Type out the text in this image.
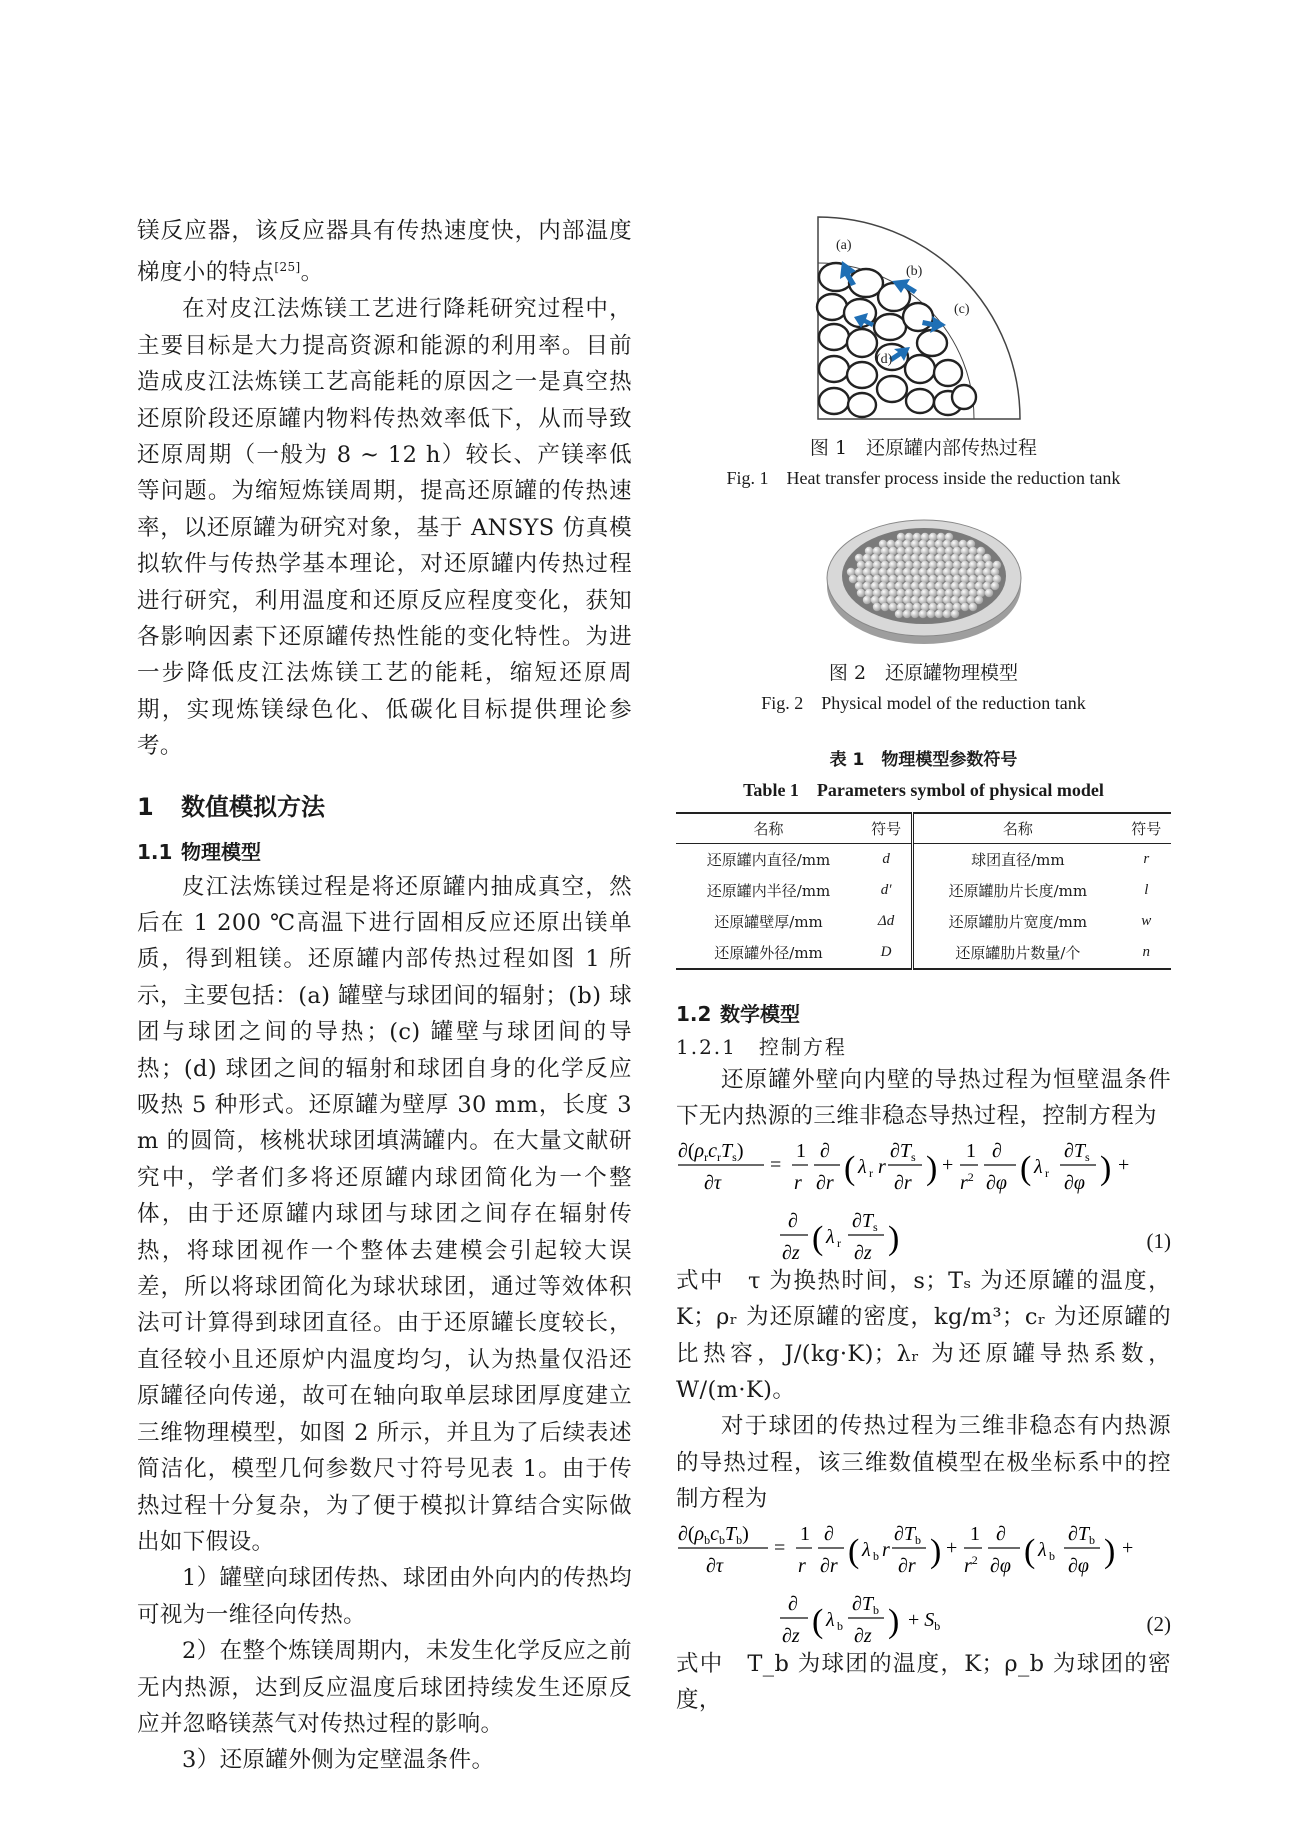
镁反应器，该反应器具有传热速度快，内部温度梯度小的特点[25]。

在对皮江法炼镁工艺进行降耗研究过程中，主要目标是大力提高资源和能源的利用率。目前造成皮江法炼镁工艺高能耗的原因之一是真空热还原阶段还原罐内物料传热效率低下，从而导致还原周期（一般为 8 ~ 12 h）较长、产镁率低等问题。为缩短炼镁周期，提高还原罐的传热速率，以还原罐为研究对象，基于 ANSYS 仿真模拟软件与传热学基本理论，对还原罐内传热过程进行研究，利用温度和还原反应程度变化，获知各影响因素下还原罐传热性能的变化特性。为进一步降低皮江法炼镁工艺的能耗，缩短还原周期，实现炼镁绿色化、低碳化目标提供理论参考。

1 数值模拟方法
1.1 物理模型

皮江法炼镁过程是将还原罐内抽成真空，然后在 1 200 ℃高温下进行固相反应还原出镁单质，得到粗镁。还原罐内部传热过程如图 1 所示，主要包括：(a) 罐壁与球团间的辐射；(b) 球团与球团之间的导热；(c) 罐壁与球团间的导热；(d) 球团之间的辐射和球团自身的化学反应吸热 5 种形式。还原罐为壁厚 30 mm，长度 3 m 的圆筒，核桃状球团填满罐内。在大量文献研究中，学者们多将还原罐内球团简化为一个整体，由于还原罐内球团与球团之间存在辐射传热，将球团视作一个整体去建模会引起较大误差，所以将球团简化为球状球团，通过等效体积法可计算得到球团直径。由于还原罐长度较长，直径较小且还原炉内温度均匀，认为热量仅沿还原罐径向传递，故可在轴向取单层球团厚度建立三维物理模型，如图 2 所示，并且为了后续表述简洁化，模型几何参数尺寸符号见表 1。由于传热过程十分复杂，为了便于模拟计算结合实际做出如下假设。

1）罐壁向球团传热、球团由外向内的传热均可视为一维径向传热。

2）在整个炼镁周期内，未发生化学反应之前无内热源，达到反应温度后球团持续发生还原反应并忽略镁蒸气对传热过程的影响。

3）还原罐外侧为定壁温条件。

(a)
(b)
(c)
(d)

图 1　还原罐内部传热过程

Fig. 1　Heat transfer process inside the reduction tank

图 2　还原罐物理模型

Fig. 2　Physical model of the reduction tank

表 1　物理模型参数符号

Table 1　Parameters symbol of physical model

名称	符号	名称	符号
还原罐内直径/mm	d	球团直径/mm	r
还原罐内半径/mm	d′	还原罐肋片长度/mm	l
还原罐壁厚/mm	Δd	还原罐肋片宽度/mm	w
还原罐外径/mm	D	还原罐肋片数量/个	n
1.2 数学模型
1.2.1　控制方程

还原罐外壁向内壁的导热过程为恒壁温条件下无内热源的三维非稳态导热过程，控制方程为

$\partial(\rho_rc_rT_s)$
∂τ
=
1
r
∂
∂r ( λ r r
$\partial T_s$
∂r ) +
1
$r^2$
∂
∂φ ( λ r
$\partial T_s$
∂φ ) +
∂
∂z ( λ r
$\partial T_s$
∂z )	(1)

式中　τ 为换热时间，s；Tₛ 为还原罐的温度，K；ρᵣ 为还原罐的密度，kg/m³；cᵣ 为还原罐的比热容，J/(kg·K)；λᵣ 为还原罐导热系数，W/(m·K)。

对于球团的传热过程为三维非稳态有内热源的导热过程，该三维数值模型在极坐标系中的控制方程为

$\partial(\rho_bc_bT_b)$
∂τ
=
1
r
∂
∂r ( λ b r
$\partial T_b$
∂r ) +
1
$r^2$
∂
∂φ ( λ b
$\partial T_b$
∂φ ) +
∂
∂z ( λ b
$\partial T_b$
∂z ) + $S_b$	(2)

式中　T_b 为球团的温度，K；ρ_b 为球团的密度，
